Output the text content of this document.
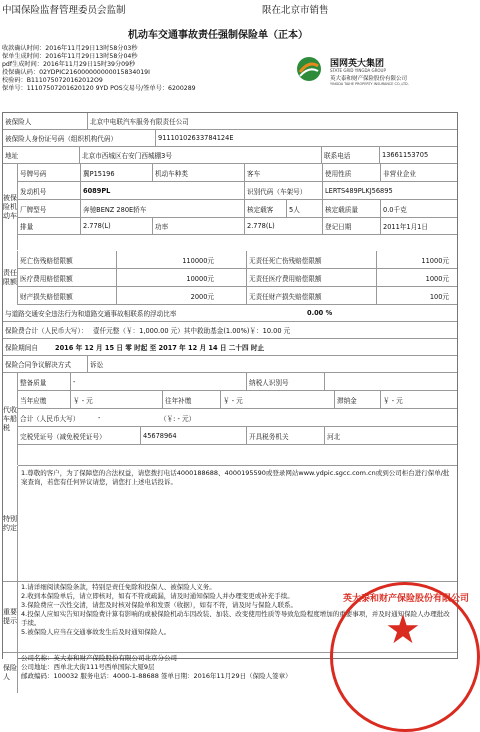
中国保险监督管理委员会监制	限在北京市销售
机动车交通事故责任强制保险单（正本）
收款确认时间：2016年11月29日13时58分03秒
保单生成时间：2016年11月29日13时58分04秒
pdf生成时间：2016年11月29日15时39分09秒
投保确认码：02YDPIC216000000000015834019I
校验码：B1110750720162012O9
保单号：11107507201620120 9YD POS交易号/签单号：6200289
国网英大集团
STATE GRID YINGDA GROUP
英大泰和财产保险股份有限公司
YINGDA TAIHE PROPERTY INSURANCE CO.,LTD.
被保险人	北京中电联汽车服务有限责任公司
被保险人身份证号码（组织机构代码）	91110102633784124E
地址	北京市西城区右安门西城棚3号	联系电话	13661153705
被保险机动车
号牌号码	冀P15196	机动车种类	客车	使用性质	非营业企业
发动机号	6089PL	识别代码（车架号）	LERTS489PLKJ56895
厂牌型号	奔驰BENZ 280E轿车	核定载客	5人	核定载质量	0.0千克
排量	2.778(L)	功率	2.778(L)	登记日期	2011年1月1日
责任限额
死亡伤残赔偿限额	110000元	无责任死亡伤残赔偿限额	11000元
医疗费用赔偿限额	10000元	无责任医疗费用赔偿限额	1000元
财产损失赔偿限额	2000元	无责任财产损失赔偿限额	100元
与道路交通安全违法行为和道路交通事故相联系的浮动比率	0.00 %
保险费合计（人民币大写）： 壹仟元整（￥：1,000.00 元）其中救助基金(1.00%)￥：10.00 元
保险期间自	2016 年 12 月 15 日 零 时起 至 2017 年 12 月 14 日 二十四 时止
保险合同争议解决方式	诉讼
代收车船税
整备质量	-	纳税人识别号
当年应缴	￥ - 元	往年补缴	￥ - 元	滞纳金	￥ - 元
合计（人民币大写）	-	（￥: - 元）
完税凭证号（减免税凭证号）	45678964	开具税务机关	河北
特别约定
1.尊敬的客户，为了保障您的合法权益，请您拨打电话4000188688、4000195590或登录网站www.ydpic.sgcc.com.cn或到公司柜台进行保单/批案查询，若您有任何异议请您，请您打上述电话投诉。
重要提示
1.请详细阅读保险条款，特别是责任免除和投保人、被保险人义务。
2.收到本保险单后，请立即核对，如有不符或疏漏，请及时通知保险人并办理变更或补充手续。
3.保险费应一次性交清，请您及时核对保险单和发票（收据），如有不符，请及时与保险人联系。
4.投保人应如实告知对保险费计算有影响的或被保险机动车因改装、加装、改变使用性质等导致危险程度增加的重要事项，并及时通知保险人办理批改手续。
5.被保险人应当在交通事故发生后及时通知保险人。
保险人
公司名称：英大泰和财产保险股份有限公司北京分公司
公司地址：西单北大街111号西单国际大厦9层
邮政编码：100032 服务电话：4000-1-88688 签单日期：2016年11月29日（保险人签章）
英大泰和财产保险股份有限公司
★
